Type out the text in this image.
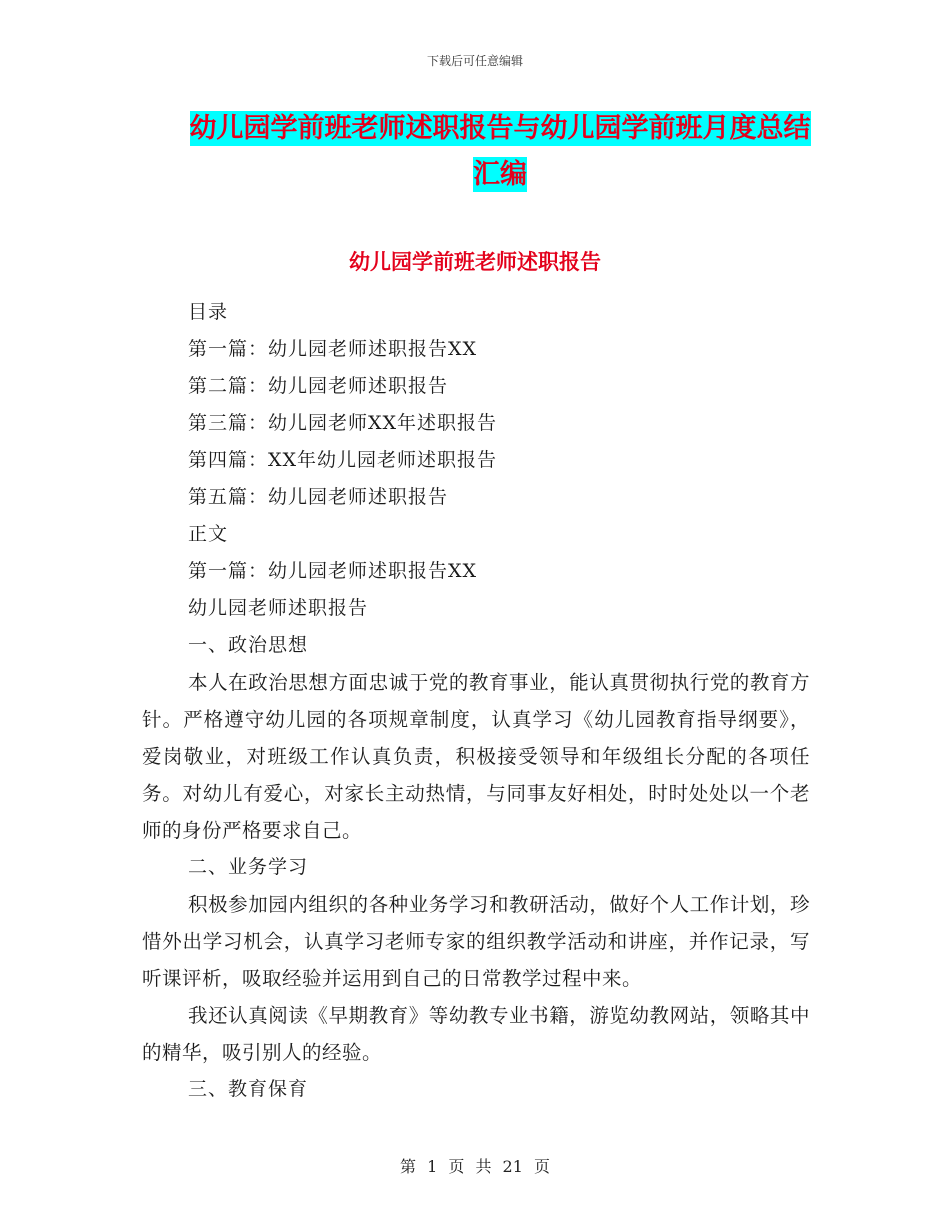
下载后可任意编辑
幼儿园学前班老师述职报告与幼儿园学前班月度总结
汇编
幼儿园学前班老师述职报告
目录
第一篇：幼儿园老师述职报告XX
第二篇：幼儿园老师述职报告
第三篇：幼儿园老师XX年述职报告
第四篇：XX年幼儿园老师述职报告
第五篇：幼儿园老师述职报告
正文
第一篇：幼儿园老师述职报告XX
幼儿园老师述职报告
一、政治思想

本人在政治思想方面忠诚于党的教育事业，能认真贯彻执行党的教育方针。严格遵守幼儿园的各项规章制度，认真学习《幼儿园教育指导纲要》，爱岗敬业，对班级工作认真负责，积极接受领导和年级组长分配的各项任务。对幼儿有爱心，对家长主动热情，与同事友好相处，时时处处以一个老师的身份严格要求自己。

二、业务学习

积极参加园内组织的各种业务学习和教研活动，做好个人工作计划，珍惜外出学习机会，认真学习老师专家的组织教学活动和讲座，并作记录，写听课评析，吸取经验并运用到自己的日常教学过程中来。

我还认真阅读《早期教育》等幼教专业书籍，游览幼教网站，领略其中的精华，吸引别人的经验。

三、教育保育
第 1 页 共 21 页
